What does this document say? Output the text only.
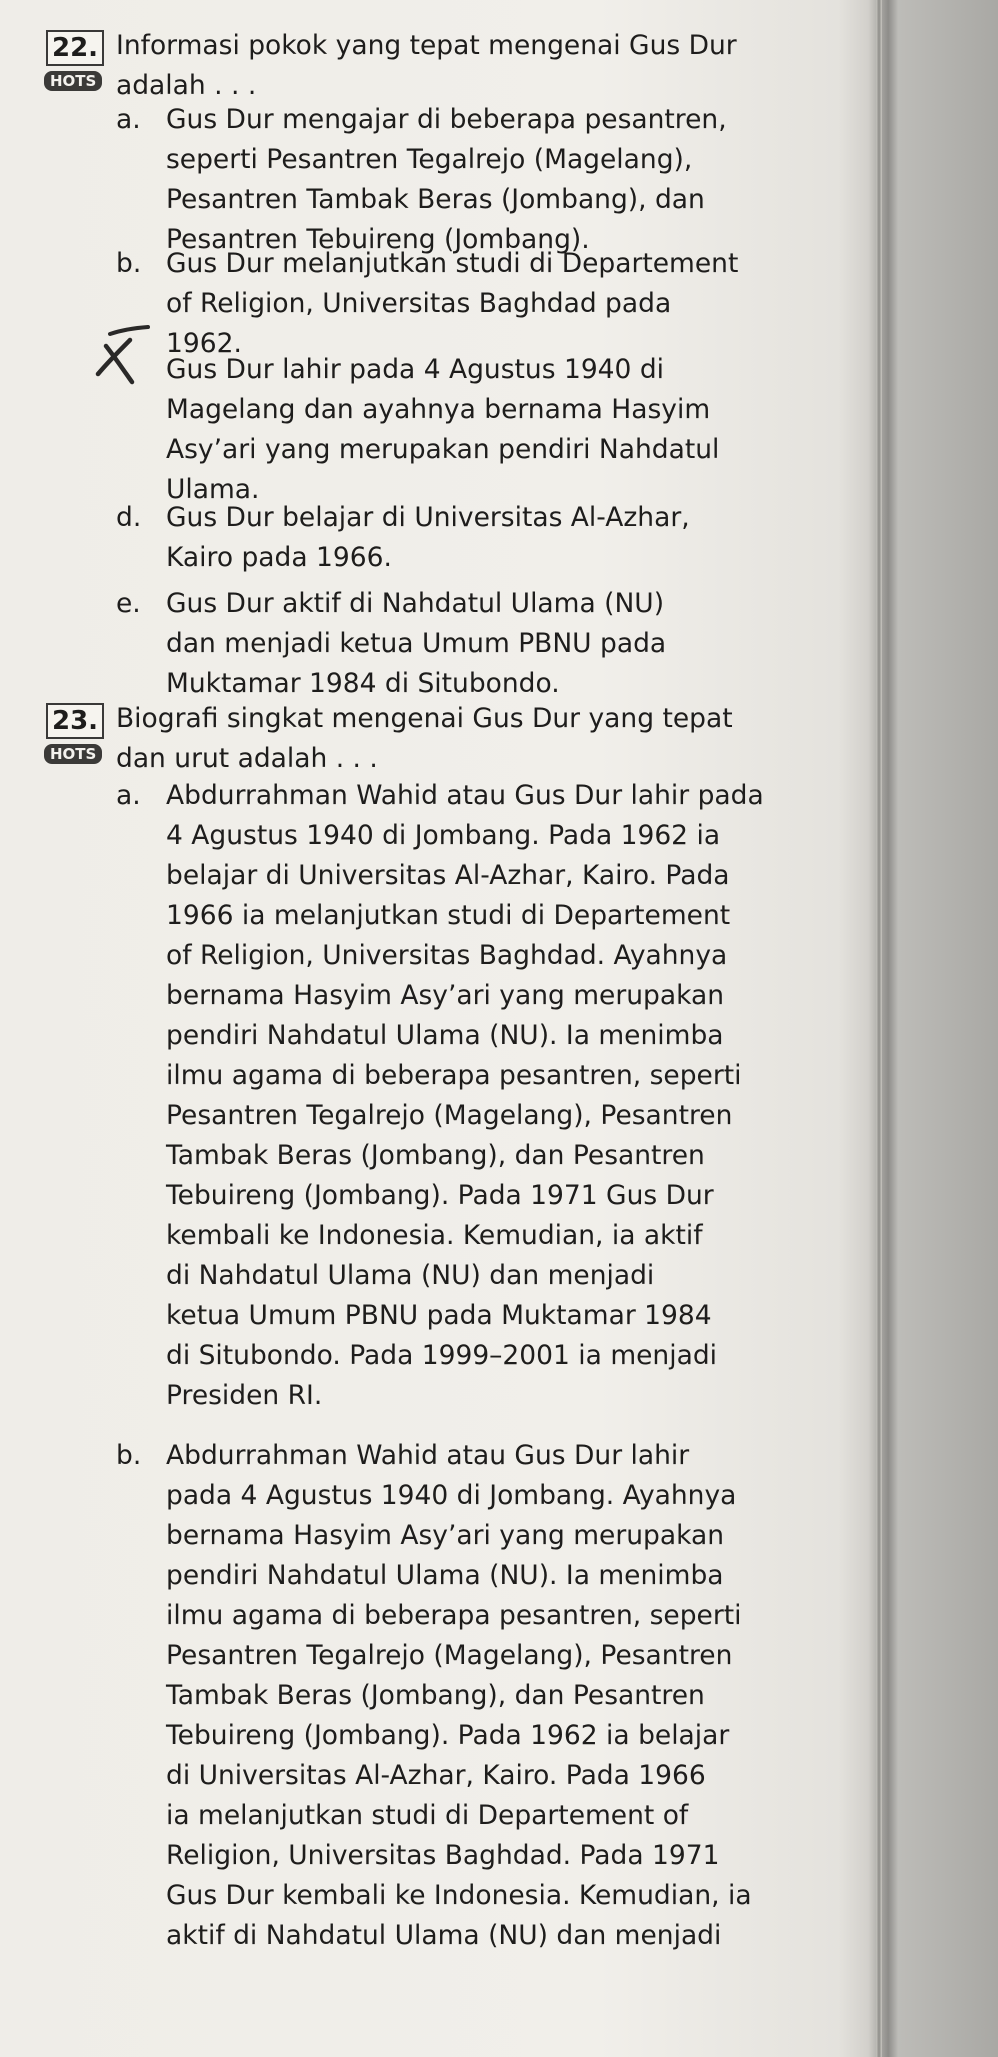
22.
HOTS
Informasi pokok yang tepat mengenai Gus Dur
adalah . . .
a. Gus Dur mengajar di beberapa pesantren,
seperti Pesantren Tegalrejo (Magelang),
Pesantren Tambak Beras (Jombang), dan
Pesantren Tebuireng (Jombang).
b. Gus Dur melanjutkan studi di Departement
of Religion, Universitas Baghdad pada
1962.
Gus Dur lahir pada 4 Agustus 1940 di
Magelang dan ayahnya bernama Hasyim
Asy’ari yang merupakan pendiri Nahdatul
Ulama.
d. Gus Dur belajar di Universitas Al-Azhar,
Kairo pada 1966.
e. Gus Dur aktif di Nahdatul Ulama (NU)
dan menjadi ketua Umum PBNU pada
Muktamar 1984 di Situbondo.
23.
HOTS
Biografi singkat mengenai Gus Dur yang tepat
dan urut adalah . . .
a. Abdurrahman Wahid atau Gus Dur lahir pada
4 Agustus 1940 di Jombang. Pada 1962 ia
belajar di Universitas Al-Azhar, Kairo. Pada
1966 ia melanjutkan studi di Departement
of Religion, Universitas Baghdad. Ayahnya
bernama Hasyim Asy’ari yang merupakan
pendiri Nahdatul Ulama (NU). Ia menimba
ilmu agama di beberapa pesantren, seperti
Pesantren Tegalrejo (Magelang), Pesantren
Tambak Beras (Jombang), dan Pesantren
Tebuireng (Jombang). Pada 1971 Gus Dur
kembali ke Indonesia. Kemudian, ia aktif
di Nahdatul Ulama (NU) dan menjadi
ketua Umum PBNU pada Muktamar 1984
di Situbondo. Pada 1999–2001 ia menjadi
Presiden RI.
b. Abdurrahman Wahid atau Gus Dur lahir
pada 4 Agustus 1940 di Jombang. Ayahnya
bernama Hasyim Asy’ari yang merupakan
pendiri Nahdatul Ulama (NU). Ia menimba
ilmu agama di beberapa pesantren, seperti
Pesantren Tegalrejo (Magelang), Pesantren
Tambak Beras (Jombang), dan Pesantren
Tebuireng (Jombang). Pada 1962 ia belajar
di Universitas Al-Azhar, Kairo. Pada 1966
ia melanjutkan studi di Departement of
Religion, Universitas Baghdad. Pada 1971
Gus Dur kembali ke Indonesia. Kemudian, ia
aktif di Nahdatul Ulama (NU) dan menjadi
